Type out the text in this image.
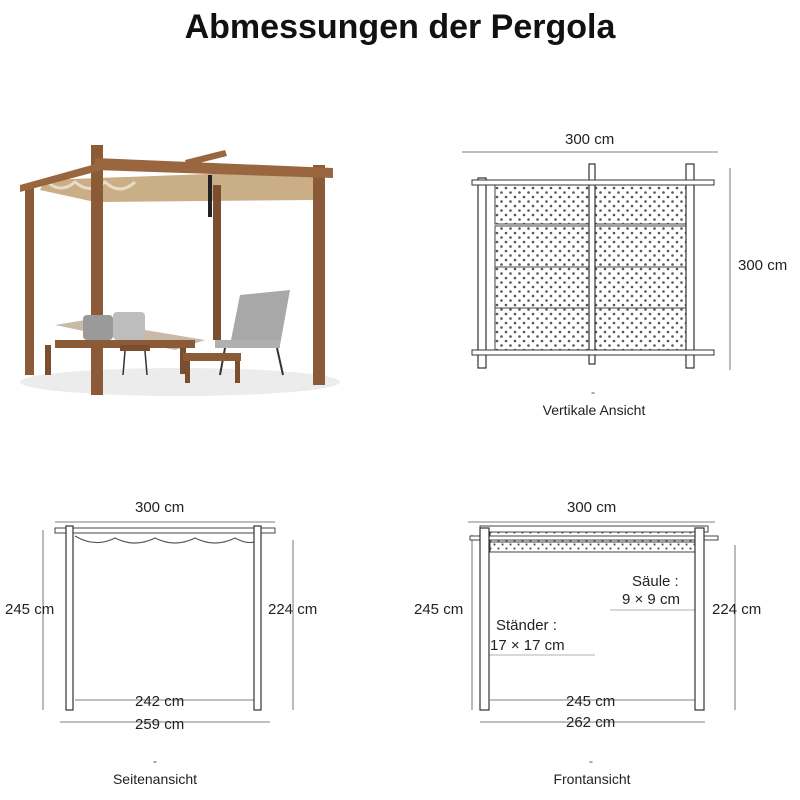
Abmessungen der Pergola
300 cm
300 cm
-
Vertikale Ansicht
300 cm
245 cm	224 cm
242 cm
259 cm
-
Seitenansicht
300 cm
245 cm	224 cm
Säule :
9 × 9 cm
Ständer :
17 × 17 cm
245 cm
262 cm
-
Frontansicht
